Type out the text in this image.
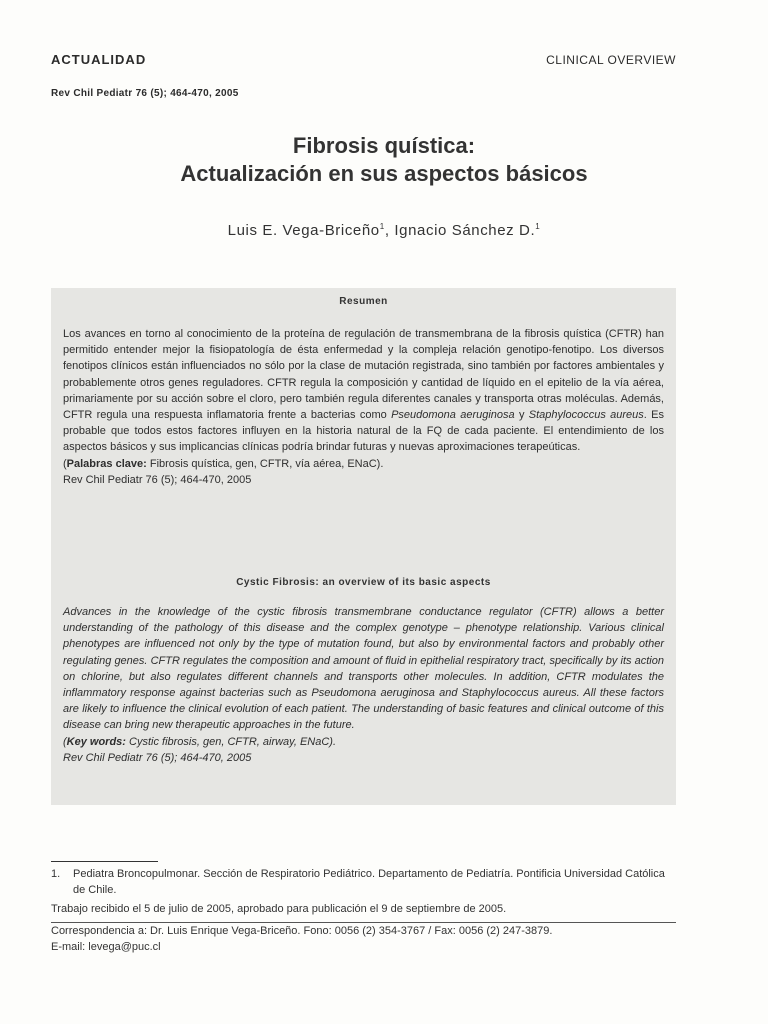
ACTUALIDAD	CLINICAL OVERVIEW
Rev Chil Pediatr 76 (5); 464-470, 2005
Fibrosis quística:
Actualización en sus aspectos básicos
Luis E. Vega-Briceño$^1$, Ignacio Sánchez D.$^1$
Resumen
Los avances en torno al conocimiento de la proteína de regulación de transmembrana de la fibrosis quística (CFTR) han permitido entender mejor la fisiopatología de ésta enfermedad y la compleja relación genotipo-fenotipo. Los diversos fenotipos clínicos están influenciados no sólo por la clase de mutación registrada, sino también por factores ambientales y probablemente otros genes reguladores. CFTR regula la composición y cantidad de líquido en el epitelio de la vía aérea, primariamente por su acción sobre el cloro, pero también regula diferentes canales y transporta otras moléculas. Además, CFTR regula una respuesta inflamatoria frente a bacterias como Pseudomona aeruginosa y Staphylococcus aureus. Es probable que todos estos factores influyen en la historia natural de la FQ de cada paciente. El entendimiento de los aspectos básicos y sus implicancias clínicas podría brindar futuras y nuevas aproximaciones terapeúticas.
(Palabras clave: Fibrosis quística, gen, CFTR, vía aérea, ENaC).
Rev Chil Pediatr 76 (5); 464-470, 2005
Cystic Fibrosis: an overview of its basic aspects
Advances in the knowledge of the cystic fibrosis transmembrane conductance regulator (CFTR) allows a better understanding of the pathology of this disease and the complex genotype – phenotype relationship. Various clinical phenotypes are influenced not only by the type of mutation found, but also by environmental factors and probably other regulating genes. CFTR regulates the composition and amount of fluid in epithelial respiratory tract, specifically by its action on chlorine, but also regulates different channels and transports other molecules. In addition, CFTR modulates the inflammatory response against bacterias such as Pseudomona aeruginosa and Staphylococcus aureus. All these factors are likely to influence the clinical evolution of each patient. The understanding of basic features and clinical outcome of this disease can bring new therapeutic approaches in the future.
(Key words: Cystic fibrosis, gen, CFTR, airway, ENaC).
Rev Chil Pediatr 76 (5); 464-470, 2005
1.	Pediatra Broncopulmonar. Sección de Respiratorio Pediátrico. Departamento de Pediatría. Pontificia Universidad Católica de Chile.
Trabajo recibido el 5 de julio de 2005, aprobado para publicación el 9 de septiembre de 2005.
Correspondencia a: Dr. Luis Enrique Vega-Briceño. Fono: 0056 (2) 354-3767 / Fax: 0056 (2) 247-3879.
E-mail: levega@puc.cl
